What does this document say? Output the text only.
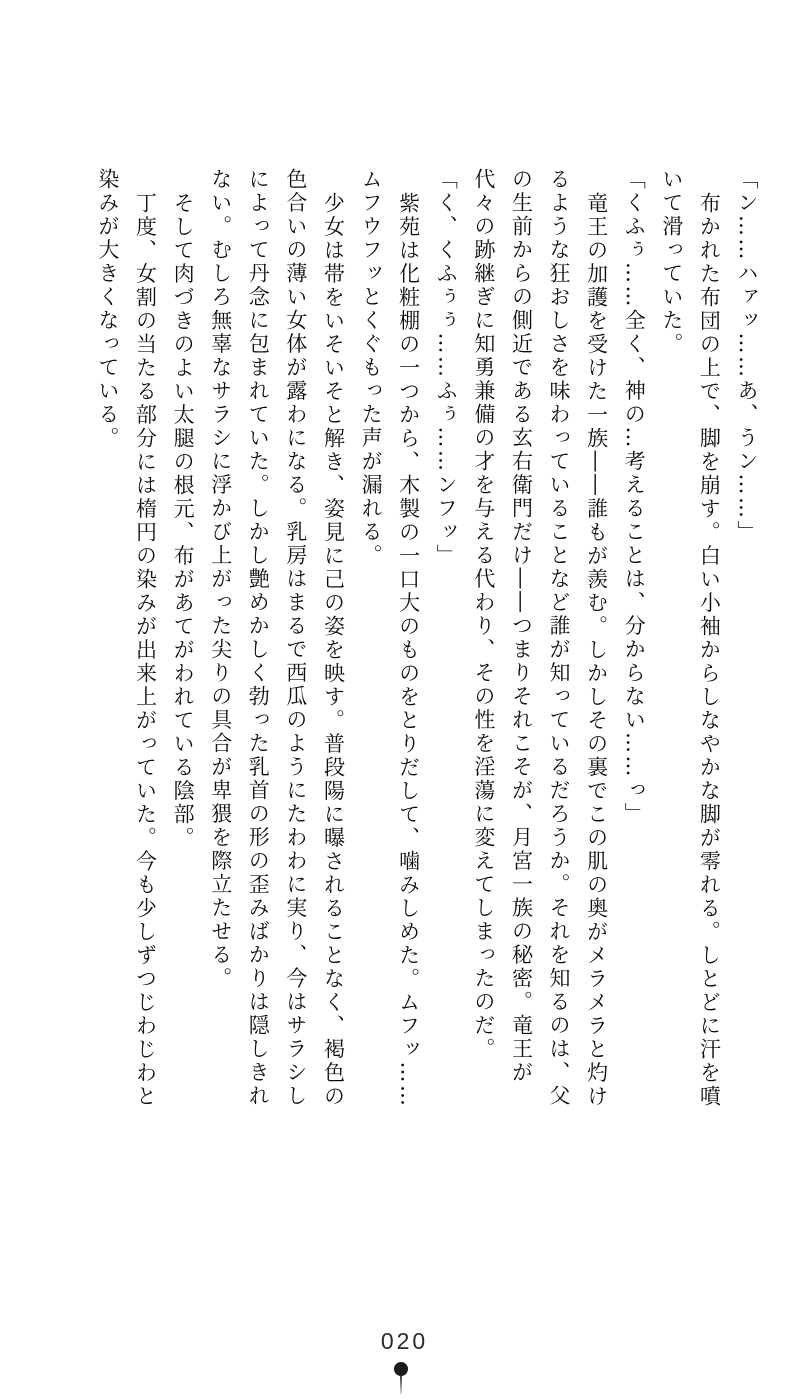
「ン……ハァッ……あ、うン……」
布かれた布団の上で、脚を崩す。白い小袖からしなやかな脚が零れる。しとどに汗を噴
いて滑っていた。
「くふぅ……全く、神の…考えることは、分からない……っ」
竜王の加護を受けた一族――誰もが羨む。しかしその裏でこの肌の奥がメラメラと灼け
るような狂おしさを味わっていることなど誰が知っているだろうか。それを知るのは、父
の生前からの側近である玄右衛門だけ――つまりそれこそが、月宮一族の秘密。竜王が
代々の跡継ぎに知勇兼備の才を与える代わり、その性を淫蕩に変えてしまったのだ。
「く、くふぅぅ……ふぅ……ンフッ」
紫苑は化粧棚の一つから、木製の一口大のものをとりだして、噛みしめた。ムフッ……
ムフウフッとくぐもった声が漏れる。
少女は帯をいそいそと解き、姿見に己の姿を映す。普段陽に曝されることなく、褐色の
色合いの薄い女体が露わになる。乳房はまるで西瓜のようにたわわに実り、今はサラシし
によって丹念に包まれていた。しかし艶めかしく勃った乳首の形の歪みばかりは隠しきれ
ない。むしろ無辜なサラシに浮かび上がった尖りの具合が卑猥を際立たせる。
そして肉づきのよい太腿の根元、布があてがわれている陰部。
丁度、女割の当たる部分には楕円の染みが出来上がっていた。今も少しずつじわじわと
染みが大きくなっている。
020
